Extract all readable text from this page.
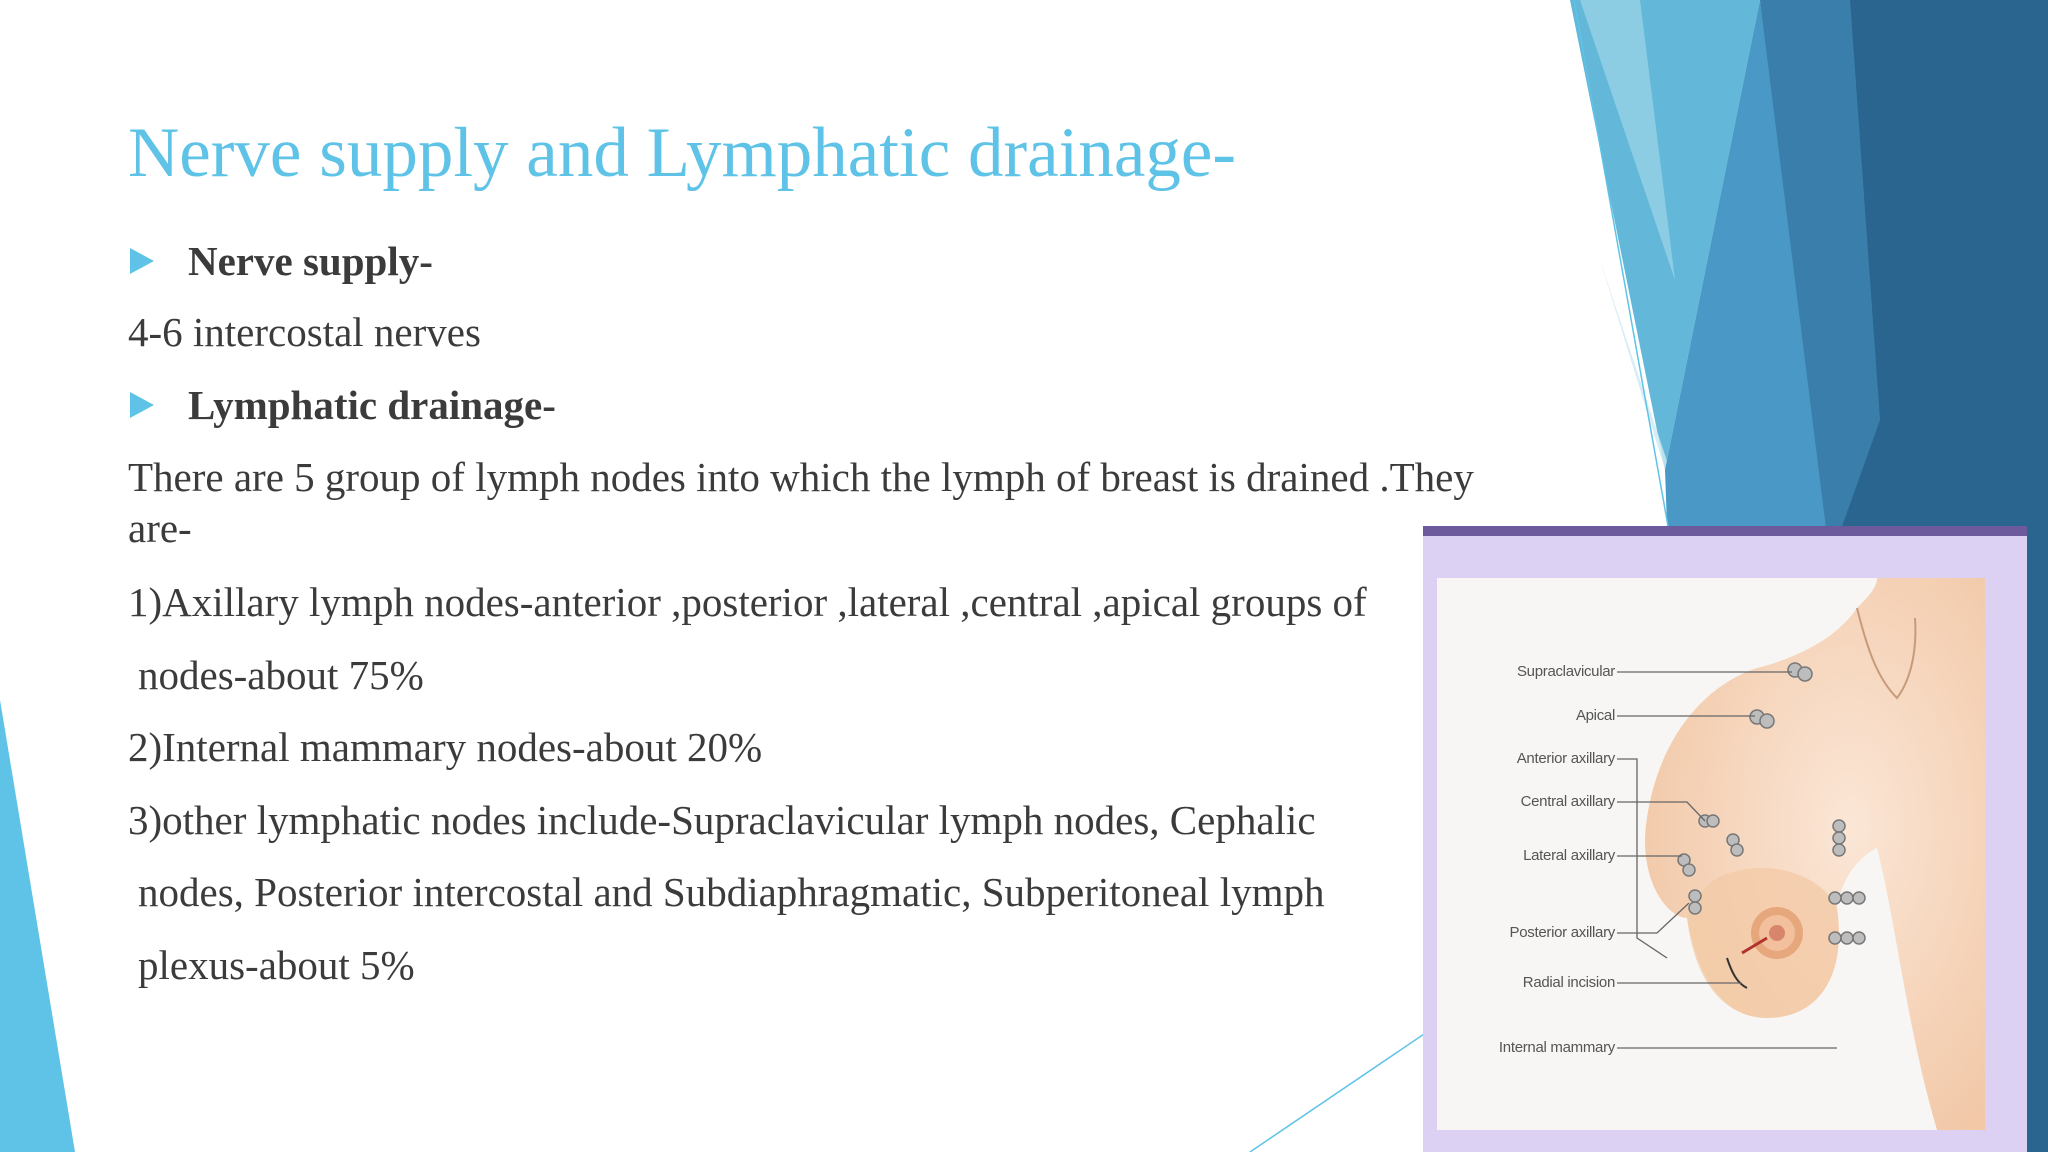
Nerve supply and Lymphatic drainage-
Nerve supply-
4-6 intercostal nerves
Lymphatic drainage-
There are 5 group of lymph nodes into which the lymph of breast is drained .They
are-
1)Axillary lymph nodes-anterior ,posterior ,lateral ,central ,apical groups of
nodes-about 75%
2)Internal mammary nodes-about 20%
3)other lymphatic nodes include-Supraclavicular lymph nodes, Cephalic
nodes, Posterior intercostal and Subdiaphragmatic, Subperitoneal lymph
plexus-about 5%
Supraclavicular
Apical
Anterior axillary
Central axillary
Lateral axillary
Posterior axillary
Radial incision
Internal mammary
